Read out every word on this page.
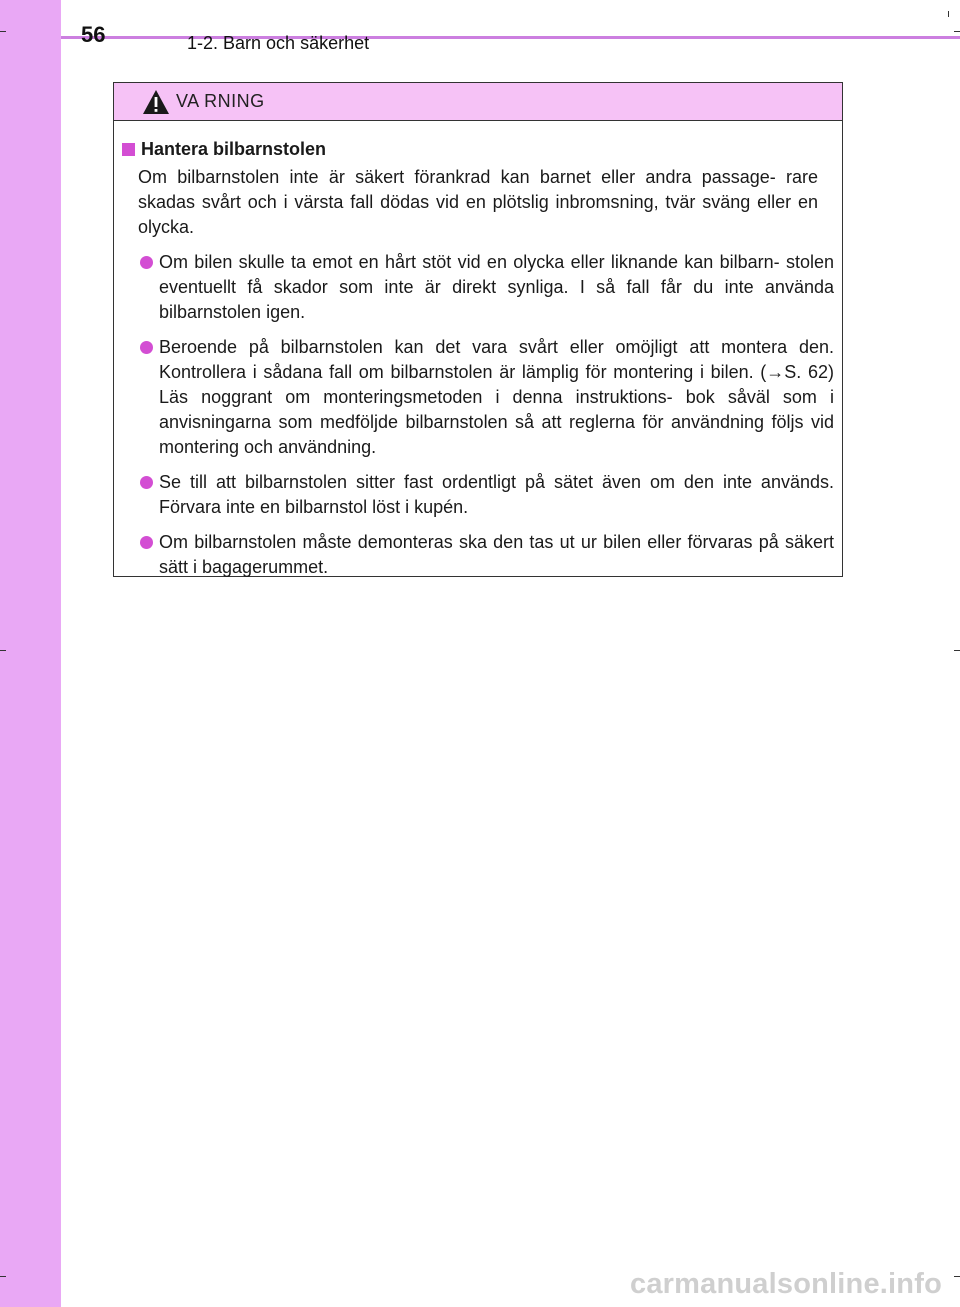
56	1-2. Barn och säkerhet
VA RNING
Hantera bilbarnstolen
Om bilbarnstolen inte är säkert förankrad kan barnet eller andra passage- rare skadas svårt och i värsta fall dödas vid en plötslig inbromsning, tvär sväng eller en olycka.
Om bilen skulle ta emot en hårt stöt vid en olycka eller liknande kan bilbarn- stolen eventuellt få skador som inte är direkt synliga. I så fall får du inte använda bilbarnstolen igen.
Beroende på bilbarnstolen kan det vara svårt eller omöjligt att montera den. Kontrollera i sådana fall om bilbarnstolen är lämplig för montering i bilen. (→S. 62) Läs noggrant om monteringsmetoden i denna instruktions- bok såväl som i anvisningarna som medföljde bilbarnstolen så att reglerna för användning följs vid montering och användning.
Se till att bilbarnstolen sitter fast ordentligt på sätet även om den inte används. Förvara inte en bilbarnstol löst i kupén.
Om bilbarnstolen måste demonteras ska den tas ut ur bilen eller förvaras på säkert sätt i bagagerummet.
carmanualsonline.info
